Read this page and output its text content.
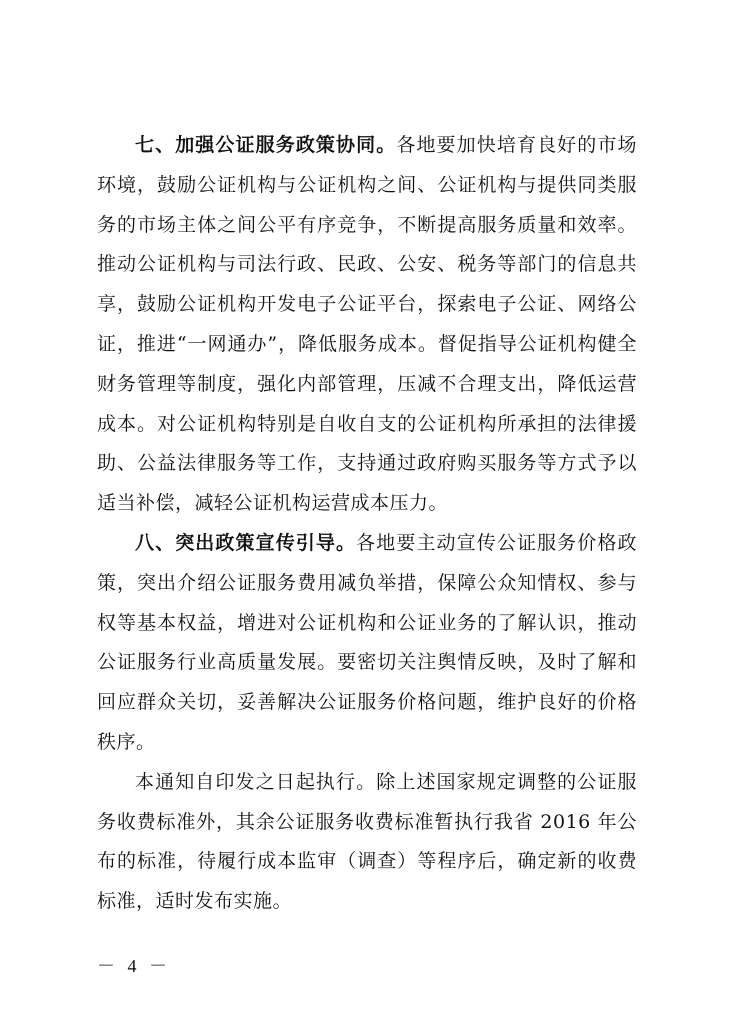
七、加强公证服务政策协同。各地要加快培育良好的市场环境，鼓励公证机构与公证机构之间、公证机构与提供同类服务的市场主体之间公平有序竞争，不断提高服务质量和效率。推动公证机构与司法行政、民政、公安、税务等部门的信息共享，鼓励公证机构开发电子公证平台，探索电子公证、网络公证，推进“一网通办”，降低服务成本。督促指导公证机构健全财务管理等制度，强化内部管理，压减不合理支出，降低运营成本。对公证机构特别是自收自支的公证机构所承担的法律援助、公益法律服务等工作，支持通过政府购买服务等方式予以适当补偿，减轻公证机构运营成本压力。

八、突出政策宣传引导。各地要主动宣传公证服务价格政策，突出介绍公证服务费用减负举措，保障公众知情权、参与权等基本权益，增进对公证机构和公证业务的了解认识，推动公证服务行业高质量发展。要密切关注舆情反映，及时了解和回应群众关切，妥善解决公证服务价格问题，维护良好的价格秩序。

本通知自印发之日起执行。除上述国家规定调整的公证服务收费标准外，其余公证服务收费标准暂执行我省 2016 年公布的标准，待履行成本监审（调查）等程序后，确定新的收费标准，适时发布实施。

－ 4 －
